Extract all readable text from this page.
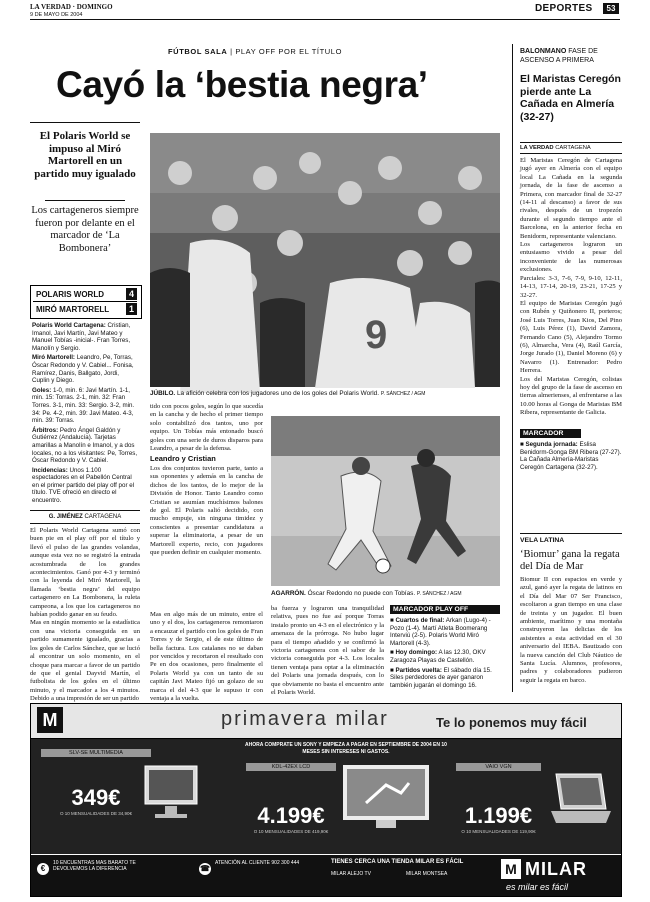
LA VERDAD · DOMINGO
9 DE MAYO DE 2004
DEPORTES	53
FÚTBOL SALA | PLAY OFF POR EL TÍTULO
Cayó la ‘bestia negra’
El Polaris World se impuso al Miró Martorell en un partido muy igualado
Los cartageneros siempre fueron por delante en el marcador de ‘La Bombonera’
POLARIS WORLD	4
MIRÓ MARTORELL	1
Polaris World Cartagena: Cristian, Imanol, Javi Martín, Javi Mateo y Manuel Tobías -inicial-. Fran Torres, Manolín y Sergio.
Miró Martorell: Leandro, Pe, Torras, Óscar Redondo y V. Cabiel... Fonisa, Ramírez, Danis, Ballgato, Jordi, Cuplin y Diego.
Goles: 1-0, min. 6: Javi Martín. 1-1, min. 15: Torras. 2-1, min. 32: Fran Torres. 3-1, min. 33: Sergio. 3-2, min. 34: Pe. 4-2, min. 39: Javi Mateo. 4-3, min. 39: Torras.
Árbitros: Pedro Ángel Galdón y Gutiérrez (Andalucía). Tarjetas amarillas a Manolín e Imanol, y a dos locales, no a los visitantes: Pe, Torres, Óscar Redondo y V. Cabiel.
Incidencias: Unos 1.100 espectadores en el Pabellón Central en el primer partido del play off por el título. TVE ofreció en directo el encuentro.
G. JIMÉNEZ CARTAGENA
El Polaris World Cartagena sumó con buen pie en el play off por el título y llevó el pulso de las grandes volandas, aunque esta vez no se registró la entrada acostumbrada de los grandes acontecimientos. Ganó por 4-3 y terminó con la leyenda del Miró Martorell, la llamada ‘bestia negra’ del equipo cartagenero en La Bombonera, la ruleta campeona, a los que los cartageneros no habían podido ganar en su feudo.
Mas en ningún momento se la estadística con una victoria conseguida en un partido sumamente igualado, gracias a los goles de Carlos Sánchez, que se lució al encontrar un solo momento, en el choque para marcar a favor de un partido de que el genial Dayvid Martín, el futbolista de los goles en el último minuto, y el marcador a los 4 minutos. Debido a una impresión de ser un partido
9
JÚBILO. La afición celebra con los jugadores uno de los goles del Polaris World. P. SÁNCHEZ / AGM
tido con pocos goles, según lo que sucedía en la cancha y de hecho el primer tiempo solo contabilizó dos tantos, uno por equipo. Un Tobías más entonado buscó goles con una serie de duros disparos para Leandro, a pesar de la defensa.
Leandro y Cristian
Los dos conjuntos tuvieron parte, tanto a sus oponentes y además en la cancha de dichos de los tantos, de lo mejor de la División de Honor. Tanto Leandro como Cristian se asumían muchísimos balones de gol. El Polaris salió decidido, con mucho empuje, sin ninguna timidez y conscientes a presentar candidatura a superar la eliminatoria, a pesar de un Martorell experto, recio, con jugadores que pueden definir en cualquier momento.
Mas en algo más de un minuto, entre el uno y el dos, los cartageneros remontaron a encauzar el partido con los goles de Fran Torres y de Sergio, el de este último de bella factura. Los catalanes no se daban por vencidos y recortaron el resultado con Pe en dos ocasiones, pero finalmente el Polaris World ya con un tanto de su capitán Javi Mateo fijó un golazo de su marca el del 4-3 que le supuso ir con ventaja a la vuelta.
AGARRÓN. Óscar Redondo no puede con Tobías. P. SÁNCHEZ / AGM
ba fuerza y lograron una tranquilidad relativa, pues no fue así porque Torras instalo pronto un 4-3 en el electrónico y la amenaza de la prórroga. No hubo lugar para el tiempo añadido y se confirmó la victoria cartagenera con el sabor de la victoria conseguida por 4-3. Los locales tienen ventaja para optar a la eliminación del Polaris una jornada después, con lo que obviamente no basta el encuentro ante el Polaris World.
MARCADOR PLAY OFF
■ Cuartos de final: Arkan (Lugo-4) - Pozo (1-4). Martí Atleta Boomerang Interviú (2-5). Polaris World Miró Martorell (4-3).
■ Hoy domingo: A las 12.30, OKV Zaragoza Playas de Castellón.
■ Partidos vuelta: El sábado día 15. Siles perdedores de ayer ganaron también jugarán el domingo 16.
BALONMANO FASE DE ASCENSO A PRIMERA
El Maristas Ceregón pierde ante La Cañada en Almería (32-27)
LA VERDAD CARTAGENA
El Maristas Ceregón de Cartagena jugó ayer en Almería con el equipo local La Cañada en la segunda jornada, de la fase de ascenso a Primera, con marcador final de 32-27 (14-11 al descanso) a favor de sus rivales, después de un tropezón durante el segundo tiempo ante el Barcelona, en la anterior fecha en Benidorm, representante valenciano.
Los cartageneros lograron un entusiasmo vivido a pesar del inconveniente de las numerosas exclusiones.
Parciales: 3-3, 7-6, 7-9, 9-10, 12-11, 14-13, 17-14, 20-19, 23-21, 17-25 y 32-27.
El equipo de Maristas Ceregón jugó con Rubén y Quiñonero II, porteros; José Luis Torres, Juan Kios, Del Pino (6), Luis Pérez (1), David Zamora, Fernando Cano (5), Alejandro Tormo (6), Almarcha, Vera (4), Raúl García, Jorge Jurado (1), Daniel Moreno (6) y Navarro (1). Entrenador: Pedro Herrera.
Los del Maristas Ceregón, colistas hoy del grupo de la fase de ascenso en tierras almerienses, al enfrentarse a las 10.00 horas al Gonga de Maristas BM Ribera, representante de Galicia.
MARCADOR
■ Segunda jornada: Eslisa Benidorm-Gonga BM Ribera (27-27). La Cañada Almería-Maristas Ceregón Cartagena (32-27).
VELA LATINA
‘Biomur’ gana la regata del Día de Mar
Biomur II con espacios en verde y azul, ganó ayer la regata de latinos en el Día del Mar 07 Ser Francisco, escoltaron a gran tiempo en una clase de treinta y un jugador. El buen ambiente, marítimo y una montaña construyeron las delicias de los asistentes a esta actividad en el 30 aniversario del IEBA. Bautizado con la nueva canción del Club Náutico de Santa Lucía. Alumnos, profesores, padres y colaboradores pudieron seguir la regata en barco.
M	primavera milar	Te lo ponemos muy fácil
AHORA COMPRATE UN SONY Y EMPIEZA A PAGAR EN SEPTIEMBRE DE 2004 EN 10 MESES SIN INTERESES NI GASTOS.
SLV-SE MULTIMEDIA
349€
O 10 MENSUALIDADES DE 34,90€
KDL-42EX LCD
4.199€
O 10 MENSUALIDADES DE 419,90€
VAIO VGN
1.199€
O 10 MENSUALIDADES DE 119,90€
€
10 ENCUENTRAS MAS BARATO TE DEVOLVEMOS LA DIFERENCIA	☎
ATENCIÓN AL CLIENTE 902 300 444	TIENES CERCA UNA TIENDA MILAR ES FÁCIL
MILAR ALEJO TV	MILAR MONTSEA	M MILAR
es milar es fácil
